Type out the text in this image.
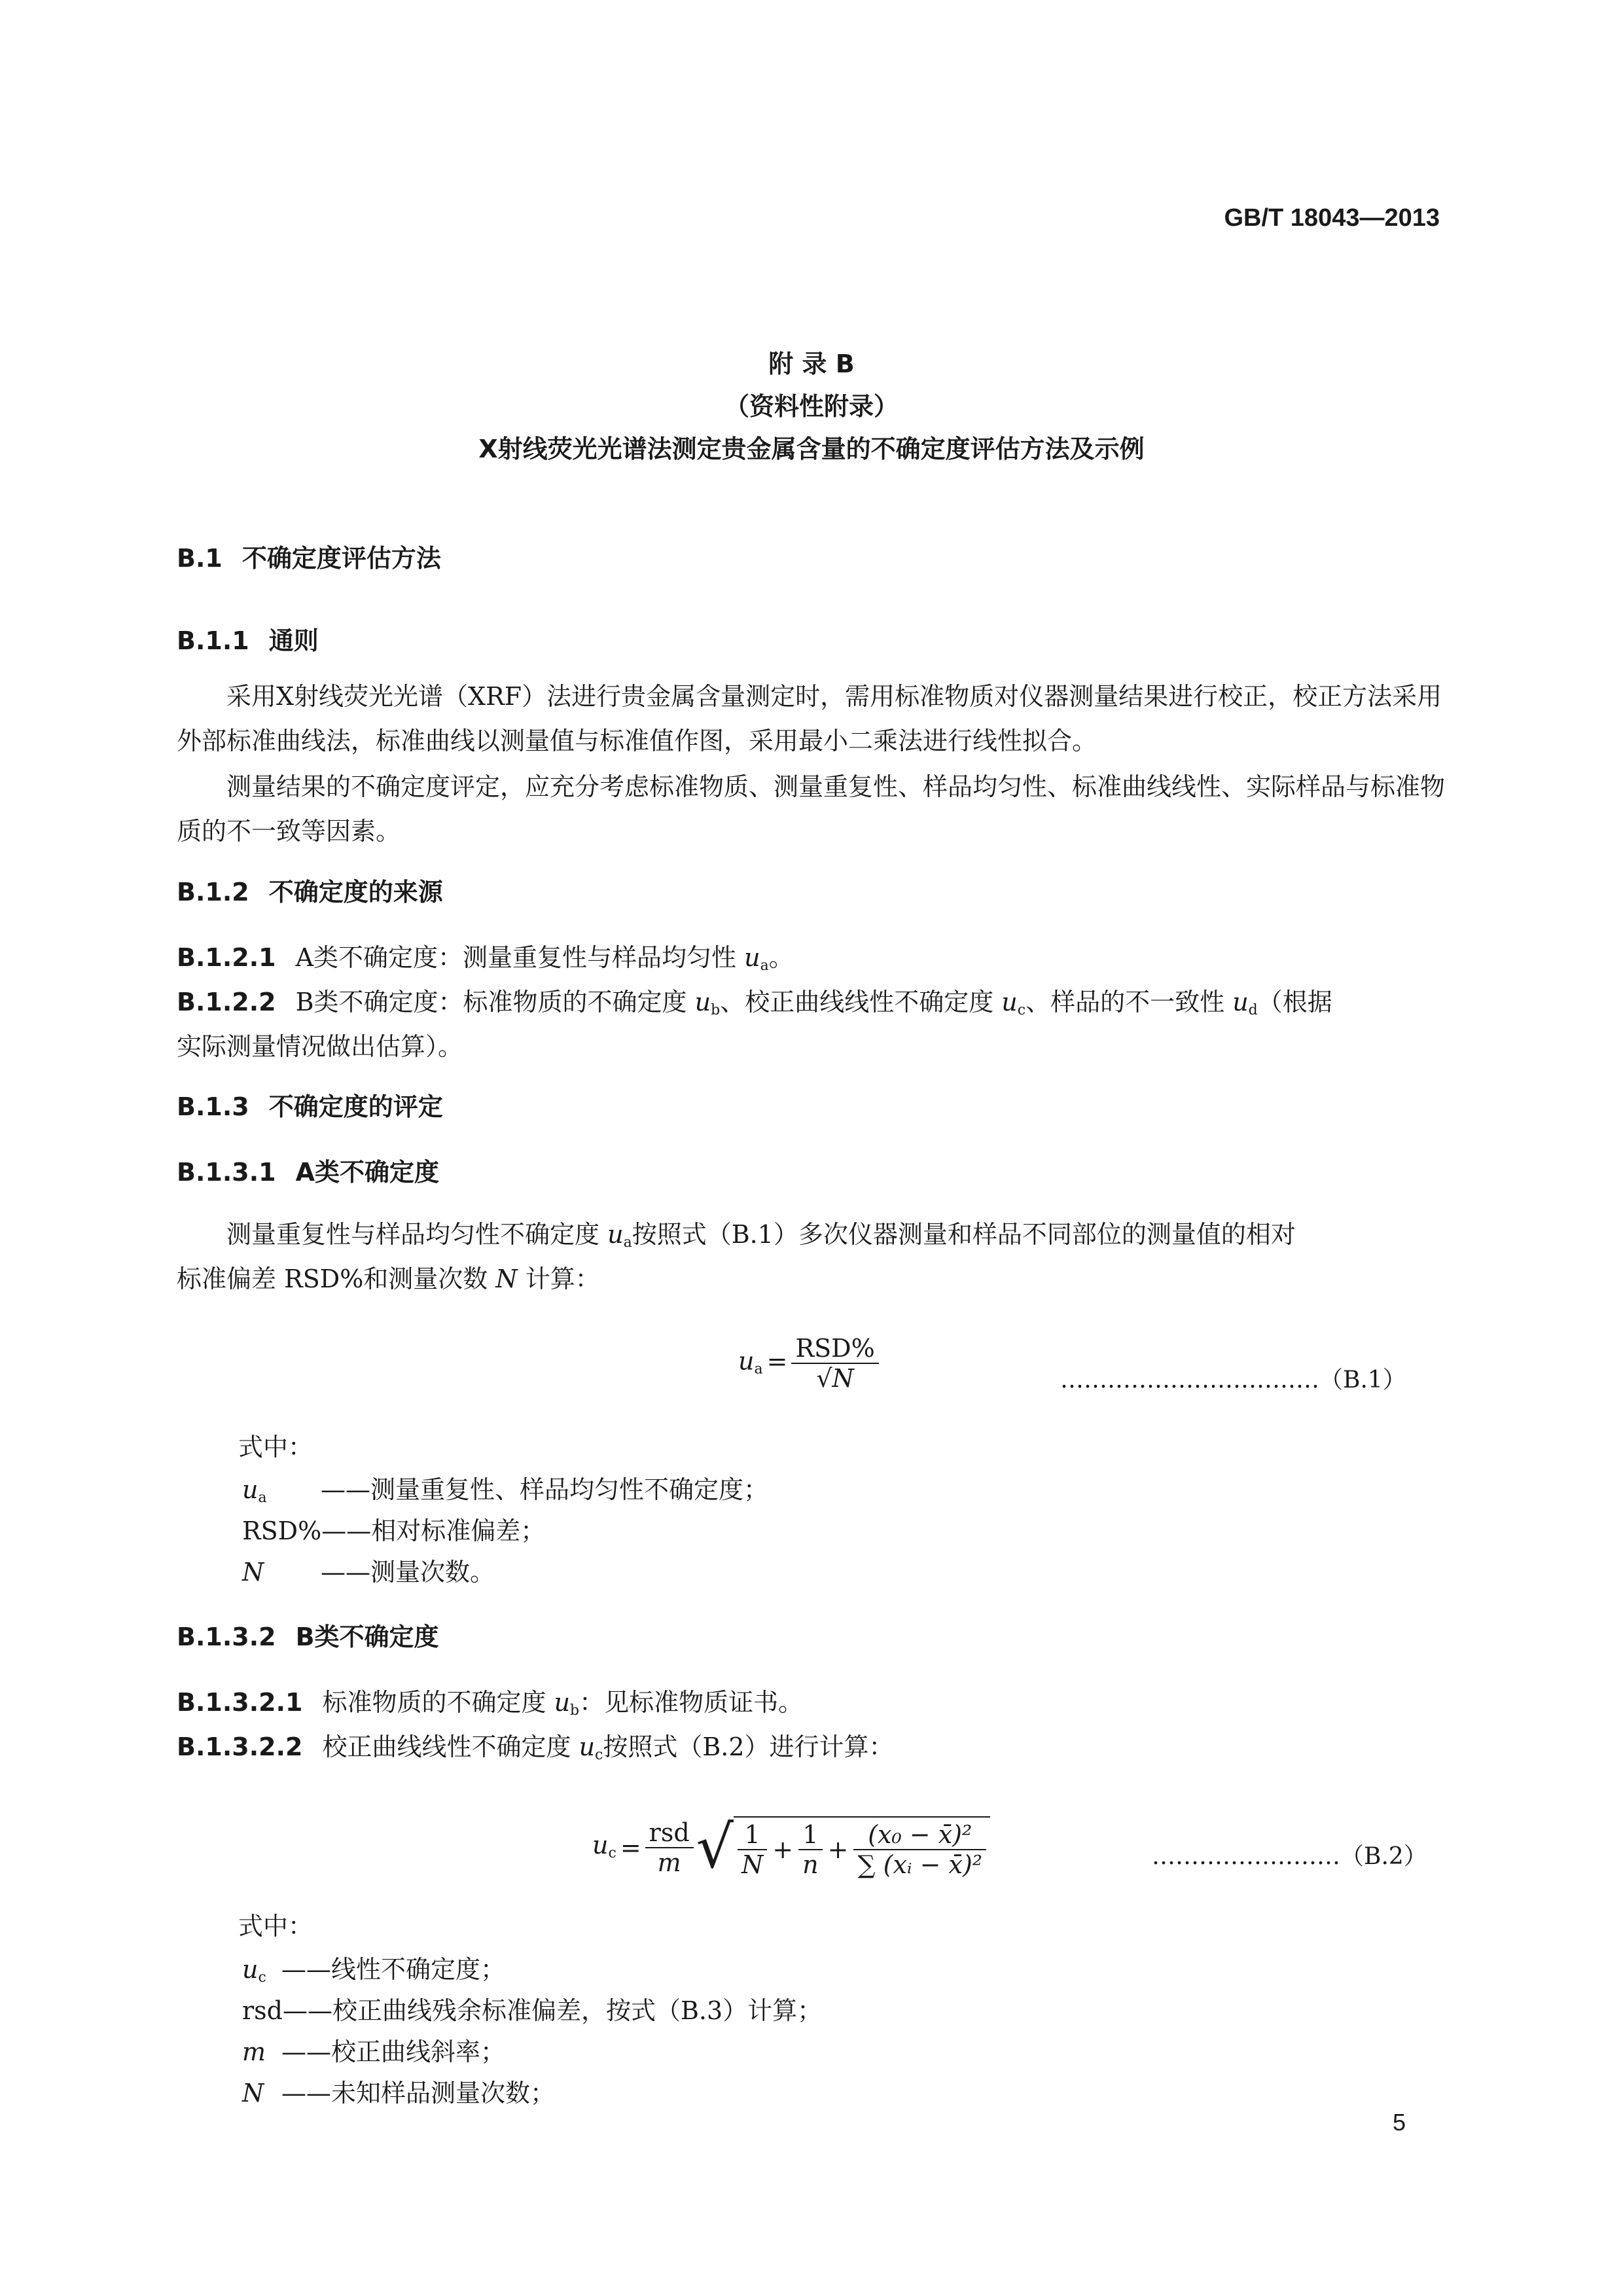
GB/T 18043—2013
附 录 B
（资料性附录）
X射线荧光光谱法测定贵金属含量的不确定度评估方法及示例
B.1 不确定度评估方法
B.1.1 通则
采用X射线荧光光谱（XRF）法进行贵金属含量测定时，需用标准物质对仪器测量结果进行校正，校正方法采用外部标准曲线法，标准曲线以测量值与标准值作图，采用最小二乘法进行线性拟合。
测量结果的不确定度评定，应充分考虑标准物质、测量重复性、样品均匀性、标准曲线线性、实际样品与标准物质的不一致等因素。
B.1.2 不确定度的来源
B.1.2.1 A类不确定度：测量重复性与样品均匀性 $u_a$。
B.1.2.2 B类不确定度：标准物质的不确定度 $u_b$、校正曲线线性不确定度 $u_c$、样品的不一致性 $u_d$（根据
实际测量情况做出估算）。
B.1.3 不确定度的评定
B.1.3.1 A类不确定度
测量重复性与样品均匀性不确定度 $u_a$按照式（B.1）多次仪器测量和样品不同部位的测量值的相对
标准偏差 RSD%和测量次数 N 计算：
$u_a = \frac{\text{RSD\%}}{√N}$	……………………………（B.1）
式中：
$u_a$ ——测量重复性、样品均匀性不确定度；
RSD%——相对标准偏差；
N ——测量次数。
B.1.3.2 B类不确定度
B.1.3.2.1 标准物质的不确定度 $u_b$：见标准物质证书。
B.1.3.2.2 校正曲线线性不确定度 $u_c$按照式（B.2）进行计算：
$u_c = \frac{\text{rsd}}{m}$ √ $\frac{1}{N} + \frac{1}{n} + \frac{\text{(x₀ − x̄)²}}{\text{∑ (xᵢ − x̄)²}}$	……………………（B.2）
式中：
$u_c$ ——线性不确定度；
rsd——校正曲线残余标准偏差，按式（B.3）计算；
m ——校正曲线斜率；
N ——未知样品测量次数；
5
